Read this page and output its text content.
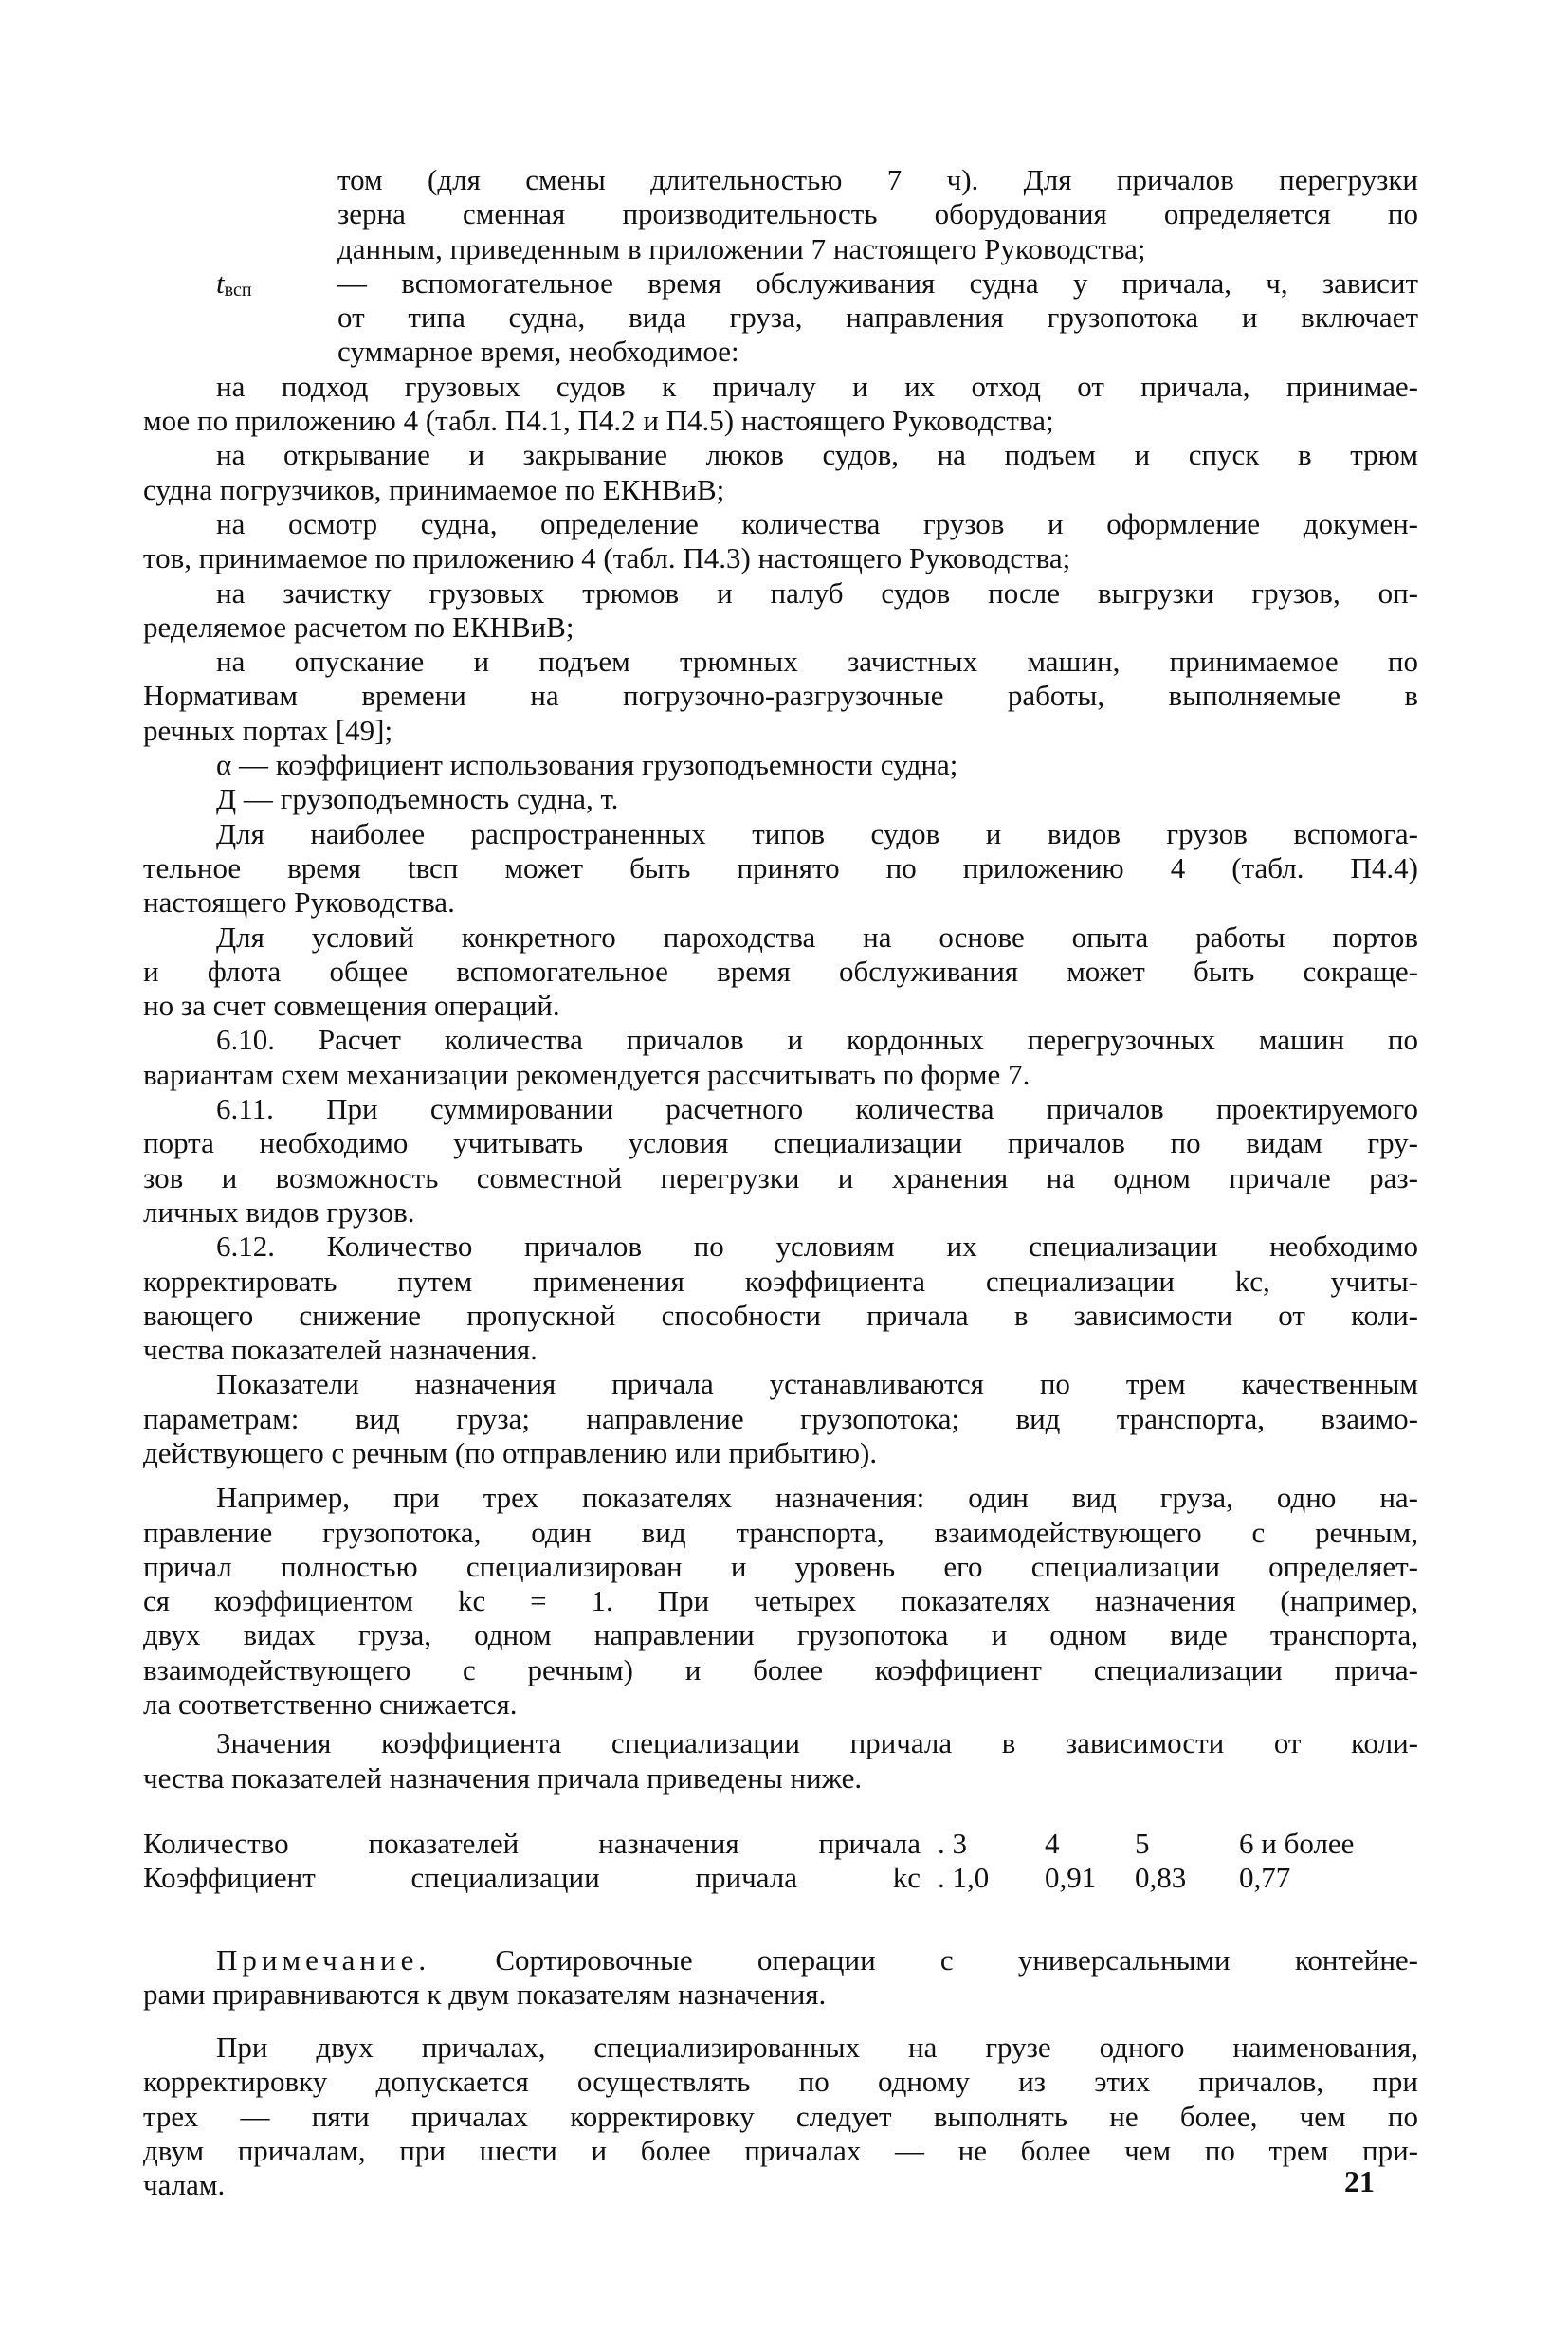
том (для смены длительностью 7 ч). Для причалов перегрузки
зерна сменная производительность оборудования определяется по
данным, приведенным в приложении 7 настоящего Руководства;
$t_{всп}$	— вспомогательное время обслуживания судна у причала, ч, зависит
от типа судна, вида груза, направления грузопотока и включает
суммарное время, необходимое:
на подход грузовых судов к причалу и их отход от причала, принимае-
мое по приложению 4 (табл. П4.1, П4.2 и П4.5) настоящего Руководства;
на открывание и закрывание люков судов, на подъем и спуск в трюм
судна погрузчиков, принимаемое по ЕКНВиВ;
на осмотр судна, определение количества грузов и оформление докумен-
тов, принимаемое по приложению 4 (табл. П4.3) настоящего Руководства;
на зачистку грузовых трюмов и палуб судов после выгрузки грузов, оп-
ределяемое расчетом по ЕКНВиВ;
на опускание и подъем трюмных зачистных машин, принимаемое по
Нормативам времени на погрузочно-разгрузочные работы, выполняемые в
речных портах [49];
α — коэффициент использования грузоподъемности судна;
Д — грузоподъемность судна, т.
Для наиболее распространенных типов судов и видов грузов вспомога-
тельное время tвсп может быть принято по приложению 4 (табл. П4.4)
настоящего Руководства.
Для условий конкретного пароходства на основе опыта работы портов
и флота общее вспомогательное время обслуживания может быть сокраще-
но за счет совмещения операций.
6.10. Расчет количества причалов и кордонных перегрузочных машин по
вариантам схем механизации рекомендуется рассчитывать по форме 7.
6.11. При суммировании расчетного количества причалов проектируемого
порта необходимо учитывать условия специализации причалов по видам гру-
зов и возможность совместной перегрузки и хранения на одном причале раз-
личных видов грузов.
6.12. Количество причалов по условиям их специализации необходимо
корректировать путем применения коэффициента специализации kс, учиты-
вающего снижение пропускной способности причала в зависимости от коли-
чества показателей назначения.
Показатели назначения причала устанавливаются по трем качественным
параметрам: вид груза; направление грузопотока; вид транспорта, взаимо-
действующего с речным (по отправлению или прибытию).
Например, при трех показателях назначения: один вид груза, одно на-
правление грузопотока, один вид транспорта, взаимодействующего с речным,
причал полностью специализирован и уровень его специализации определяет-
ся коэффициентом kс = 1. При четырех показателях назначения (например,
двух видах груза, одном направлении грузопотока и одном виде транспорта,
взаимодействующего с речным) и более коэффициент специализации прича-
ла соответственно снижается.
Значения коэффициента специализации причала в зависимости от коли-
чества показателей назначения причала приведены ниже.
Количество показателей назначения причала . 3	4	5	6 и более
Коэффициент специализации причала kс . 1,0 0,91 0,83 0,77
Примечание. Сортировочные операции с универсальными контейне-
рами приравниваются к двум показателям назначения.
При двух причалах, специализированных на грузе одного наименования,
корректировку допускается осуществлять по одному из этих причалов, при
трех — пяти причалах корректировку следует выполнять не более, чем по
двум причалам, при шести и более причалах — не более чем по трем при-
чалам.	21
